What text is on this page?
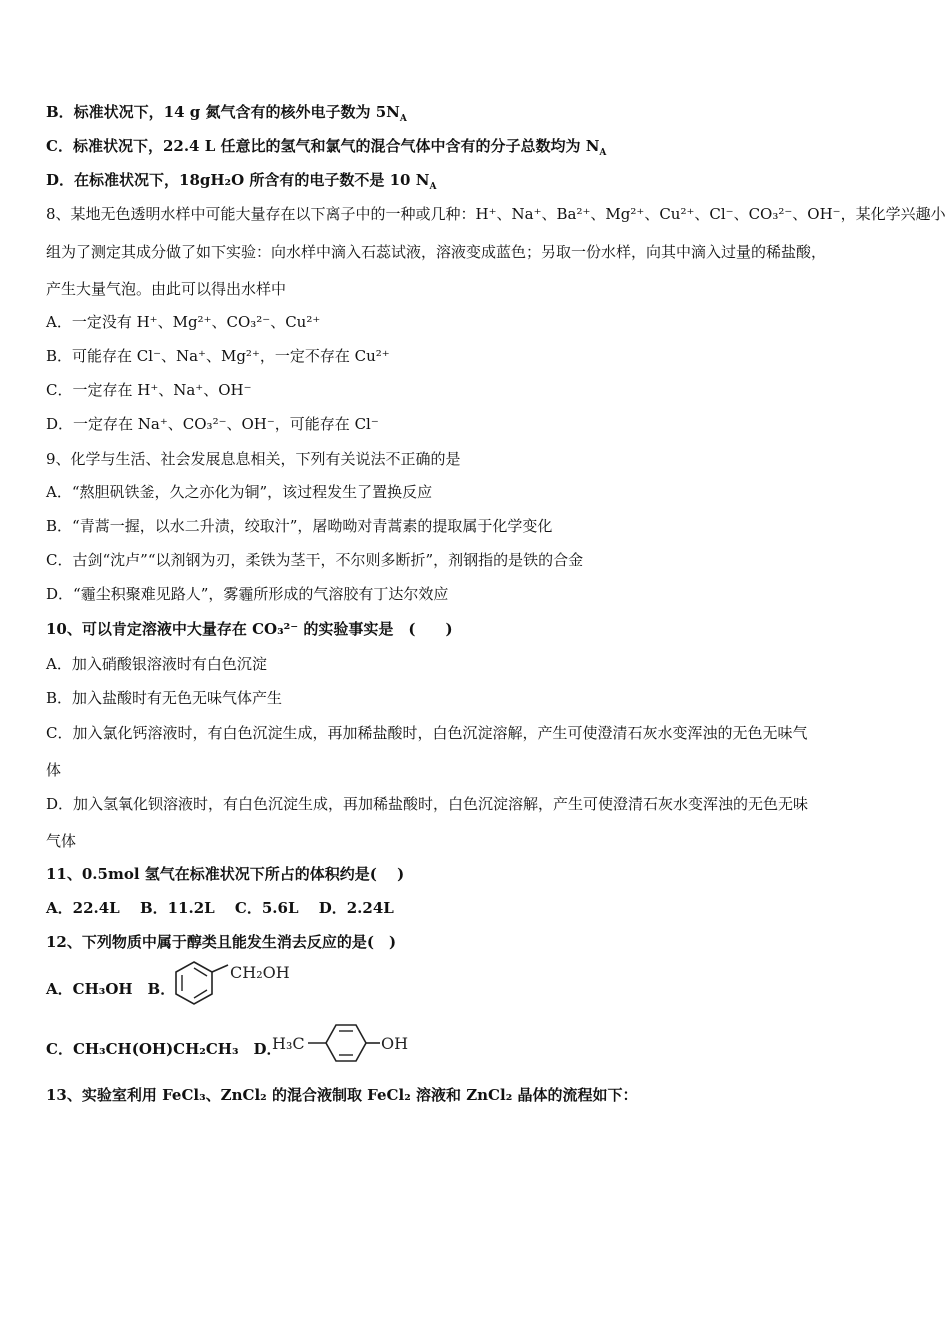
B．标准状况下，14 g 氮气含有的核外电子数为 $5N_A$
C．标准状况下，22.4 L 任意比的氢气和氯气的混合气体中含有的分子总数均为 $N_A$
D．在标准状况下，18gH₂O 所含有的电子数不是 10 $N_A$
8、某地无色透明水样中可能大量存在以下离子中的一种或几种：H⁺、Na⁺、Ba²⁺、Mg²⁺、Cu²⁺、Cl⁻、CO₃²⁻、OH⁻，某化学兴趣小
组为了测定其成分做了如下实验：向水样中滴入石蕊试液，溶液变成蓝色；另取一份水样，向其中滴入过量的稀盐酸，
产生大量气泡。由此可以得出水样中
A．一定没有 H⁺、Mg²⁺、CO₃²⁻、Cu²⁺
B．可能存在 Cl⁻、Na⁺、Mg²⁺，一定不存在 Cu²⁺
C．一定存在 H⁺、Na⁺、OH⁻
D．一定存在 Na⁺、CO₃²⁻、OH⁻，可能存在 Cl⁻
9、化学与生活、社会发展息息相关，下列有关说法不正确的是
A．“熬胆矾铁釜，久之亦化为铜”，该过程发生了置换反应
B．“青蒿一握，以水二升渍，绞取汁”，屠呦呦对青蒿素的提取属于化学变化
C．古剑“沈卢”“以剂钢为刃，柔铁为茎干，不尔则多断折”，剂钢指的是铁的合金
D．“霾尘积聚难见路人”，雾霾所形成的气溶胶有丁达尔效应
10、可以肯定溶液中大量存在 CO₃²⁻ 的实验事实是　(　　)
A．加入硝酸银溶液时有白色沉淀
B．加入盐酸时有无色无味气体产生
C．加入氯化钙溶液时，有白色沉淀生成，再加稀盐酸时，白色沉淀溶解，产生可使澄清石灰水变浑浊的无色无味气
体
D．加入氢氧化钡溶液时，有白色沉淀生成，再加稀盐酸时，白色沉淀溶解，产生可使澄清石灰水变浑浊的无色无味
气体
11、0.5mol 氢气在标准状况下所占的体积约是(　 )
A．22.4L　 B．11.2L　 C．5.6L　 D．2.24L
12、下列物质中属于醇类且能发生消去反应的是(　)
A．CH₃OH　B．
CH₂OH
C．CH₃CH(OH)CH₂CH₃　D．
H₃C	OH
13、实验室利用 FeCl₃、ZnCl₂ 的混合液制取 FeCl₂ 溶液和 ZnCl₂ 晶体的流程如下：
